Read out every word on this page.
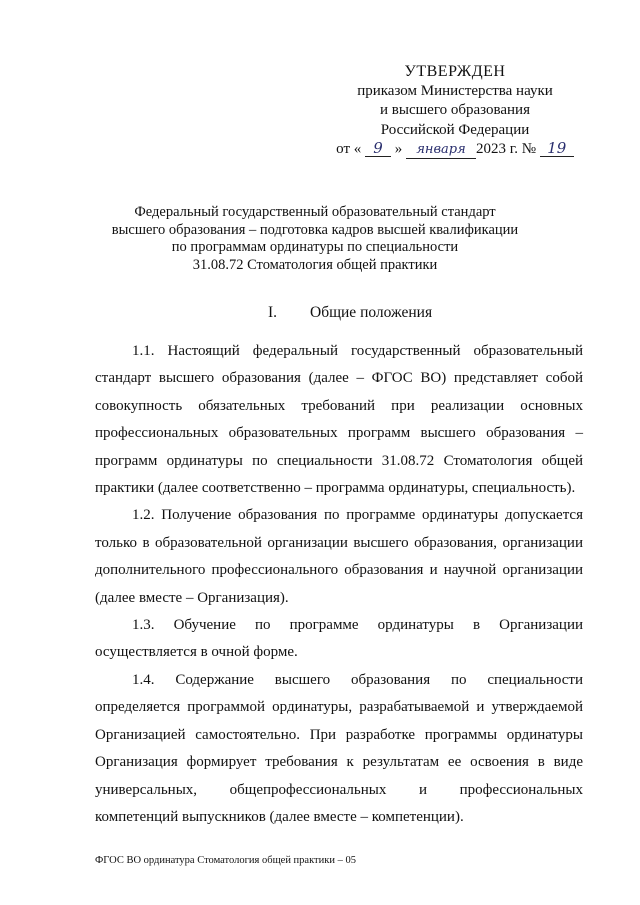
УТВЕРЖДЕН
приказом Министерства науки
и высшего образования
Российской Федерации
от « 9 » января 2023 г. № 19
Федеральный государственный образовательный стандарт
высшего образования – подготовка кадров высшей квалификации
по программам ординатуры по специальности
31.08.72 Стоматология общей практики
I. Общие положения

1.1. Настоящий федеральный государственный образовательный стандарт высшего образования (далее – ФГОС ВО) представляет собой совокупность обязательных требований при реализации основных профессиональных образовательных программ высшего образования – программ ординатуры по специальности 31.08.72 Стоматология общей практики (далее соответственно – программа ординатуры, специальность).

1.2. Получение образования по программе ординатуры допускается только в образовательной организации высшего образования, организации дополнительного профессионального образования и научной организации (далее вместе – Организация).

1.3. Обучение по программе ординатуры в Организации осуществляется в очной форме.

1.4. Содержание высшего образования по специальности определяется программой ординатуры, разрабатываемой и утверждаемой Организацией самостоятельно. При разработке программы ординатуры Организация формирует требования к результатам ее освоения в виде универсальных, общепрофессиональных и профессиональных компетенций выпускников (далее вместе – компетенции).

ФГОС ВО ординатура Стоматология общей практики – 05
